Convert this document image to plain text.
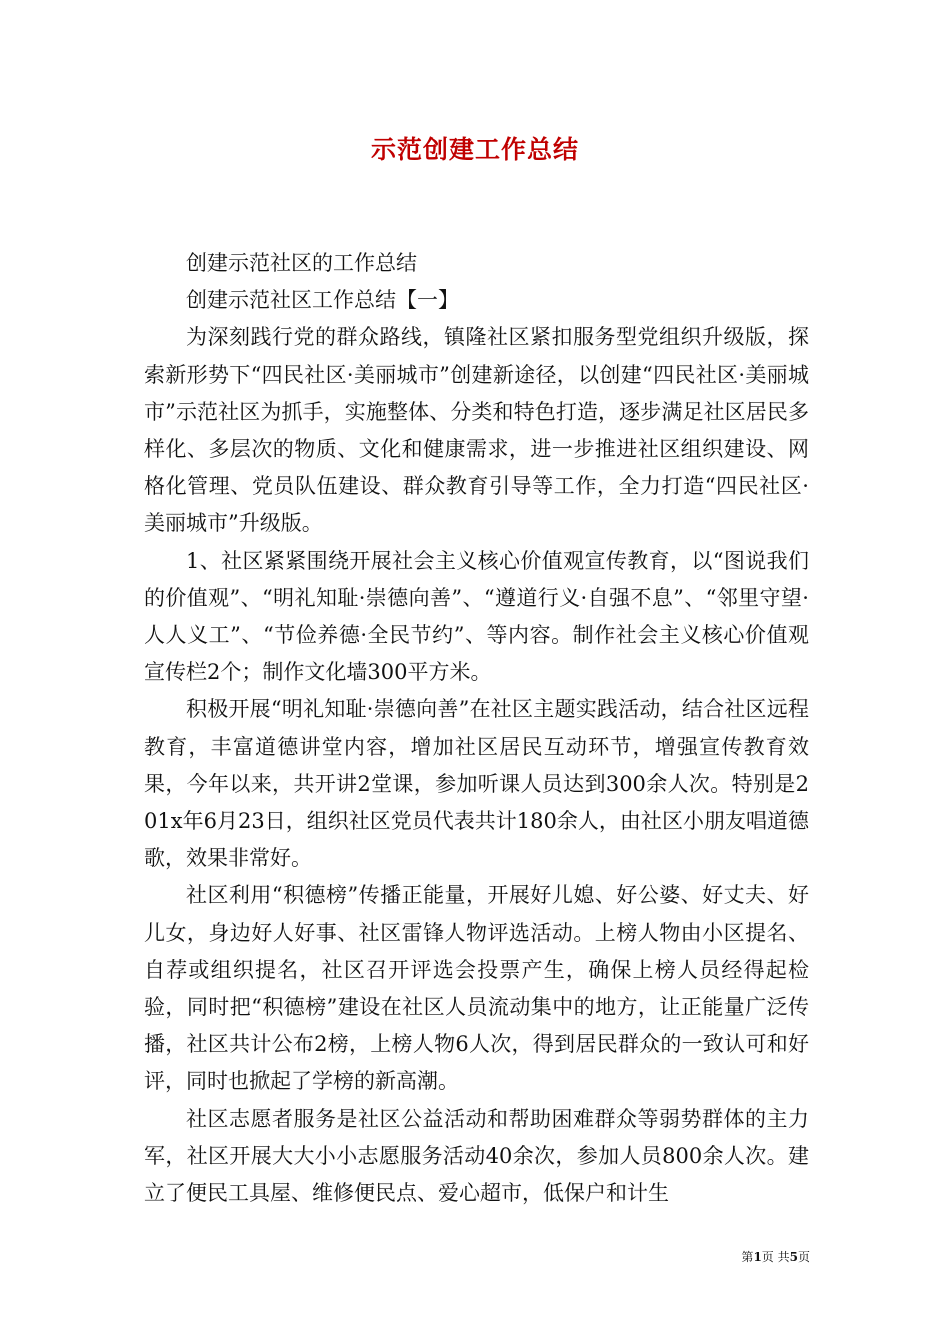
示范创建工作总结

创建示范社区的工作总结

创建示范社区工作总结【一】

为深刻践行党的群众路线，镇隆社区紧扣服务型党组织升级版，探索新形势下“四民社区·美丽城市”创建新途径，以创建“四民社区·美丽城市”示范社区为抓手，实施整体、分类和特色打造，逐步满足社区居民多样化、多层次的物质、文化和健康需求，进一步推进社区组织建设、网格化管理、党员队伍建设、群众教育引导等工作，全力打造“四民社区·美丽城市”升级版。

1、社区紧紧围绕开展社会主义核心价值观宣传教育，以“图说我们的价值观”、“明礼知耻·崇德向善”、“遵道行义·自强不息”、“邻里守望·人人义工”、“节俭养德·全民节约”、等内容。制作社会主义核心价值观宣传栏2个；制作文化墙300平方米。

积极开展“明礼知耻·崇德向善”在社区主题实践活动，结合社区远程教育，丰富道德讲堂内容，增加社区居民互动环节，增强宣传教育效果，今年以来，共开讲2堂课，参加听课人员达到300余人次。特别是201x年6月23日，组织社区党员代表共计180余人，由社区小朋友唱道德歌，效果非常好。

社区利用“积德榜”传播正能量，开展好儿媳、好公婆、好丈夫、好儿女，身边好人好事、社区雷锋人物评选活动。上榜人物由小区提名、自荐或组织提名，社区召开评选会投票产生，确保上榜人员经得起检验，同时把“积德榜”建设在社区人员流动集中的地方，让正能量广泛传播，社区共计公布2榜，上榜人物6人次，得到居民群众的一致认可和好评，同时也掀起了学榜的新高潮。

社区志愿者服务是社区公益活动和帮助困难群众等弱势群体的主力军，社区开展大大小小志愿服务活动40余次，参加人员800余人次。建立了便民工具屋、维修便民点、爱心超市，低保户和计生

第1页 共5页
